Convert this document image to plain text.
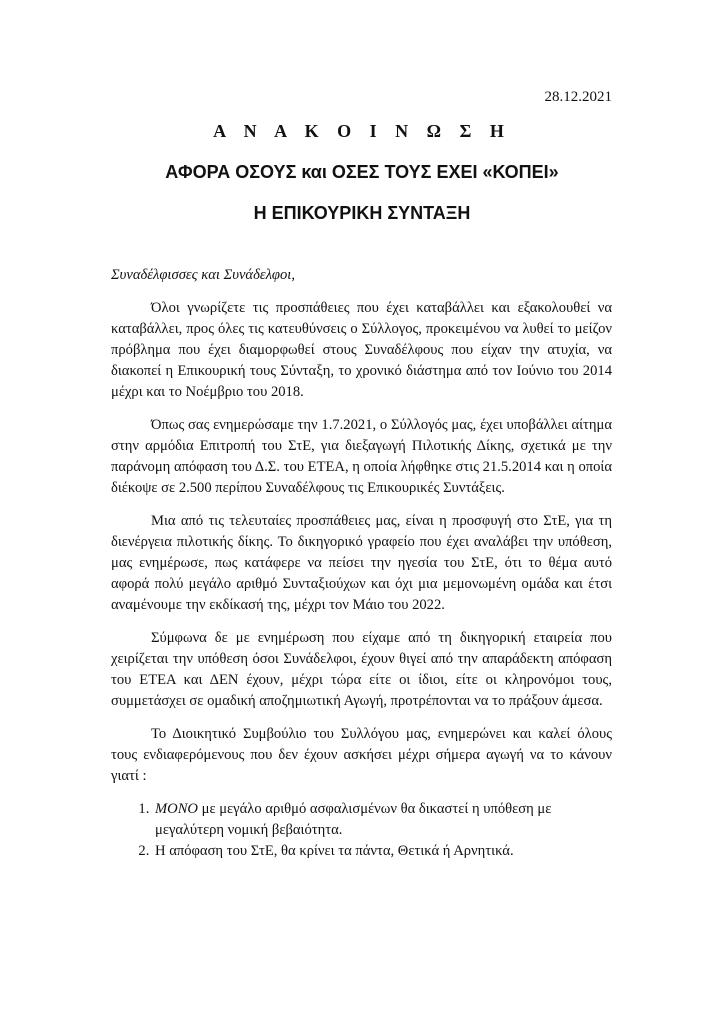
28.12.2021
Α Ν Α Κ Ο Ι Ν Ω Σ Η
ΑΦΟΡΑ ΟΣΟΥΣ και ΟΣΕΣ ΤΟΥΣ ΕΧΕΙ «ΚΟΠΕΙ»
Η ΕΠΙΚΟΥΡΙΚΗ ΣΥΝΤΑΞΗ
Συναδέλφισσες και Συνάδελφοι,

Όλοι γνωρίζετε τις προσπάθειες που έχει καταβάλλει και εξακολουθεί να καταβάλλει, προς όλες τις κατευθύνσεις ο Σύλλογος, προκειμένου να λυθεί το μείζον πρόβλημα που έχει διαμορφωθεί στους Συναδέλφους που είχαν την ατυχία, να διακοπεί η Επικουρική τους Σύνταξη, το χρονικό διάστημα από τον Ιούνιο του 2014 μέχρι και το Νοέμβριο του 2018.

Όπως σας ενημερώσαμε την 1.7.2021, ο Σύλλογός μας, έχει υποβάλλει αίτημα στην αρμόδια Επιτροπή του ΣτΕ, για διεξαγωγή Πιλοτικής Δίκης, σχετικά με την παράνομη απόφαση του Δ.Σ. του ΕΤΕΑ, η οποία λήφθηκε στις 21.5.2014 και η οποία διέκοψε σε 2.500 περίπου Συναδέλφους τις Επικουρικές Συντάξεις.

Μια από τις τελευταίες προσπάθειες μας, είναι η προσφυγή στο ΣτΕ, για τη διενέργεια πιλοτικής δίκης. Το δικηγορικό γραφείο που έχει αναλάβει την υπόθεση, μας ενημέρωσε, πως κατάφερε να πείσει την ηγεσία του ΣτΕ, ότι το θέμα αυτό αφορά πολύ μεγάλο αριθμό Συνταξιούχων και όχι μια μεμονωμένη ομάδα και έτσι αναμένουμε την εκδίκασή της, μέχρι τον Μάιο του 2022.

Σύμφωνα δε με ενημέρωση που είχαμε από τη δικηγορική εταιρεία που χειρίζεται την υπόθεση όσοι Συνάδελφοι, έχουν θιγεί από την απαράδεκτη απόφαση του ΕΤΕΑ και ΔΕΝ έχουν, μέχρι τώρα είτε οι ίδιοι, είτε οι κληρονόμοι τους, συμμετάσχει σε ομαδική αποζημιωτική Αγωγή, προτρέπονται να το πράξουν άμεσα.

Το Διοικητικό Συμβούλιο του Συλλόγου μας, ενημερώνει και καλεί όλους τους ενδιαφερόμενους που δεν έχουν ασκήσει μέχρι σήμερα αγωγή να το κάνουν γιατί :

1. ΜΟΝΟ με μεγάλο αριθμό ασφαλισμένων θα δικαστεί η υπόθεση με μεγαλύτερη νομική βεβαιότητα.
2. Η απόφαση του ΣτΕ, θα κρίνει τα πάντα, Θετικά ή Αρνητικά.
